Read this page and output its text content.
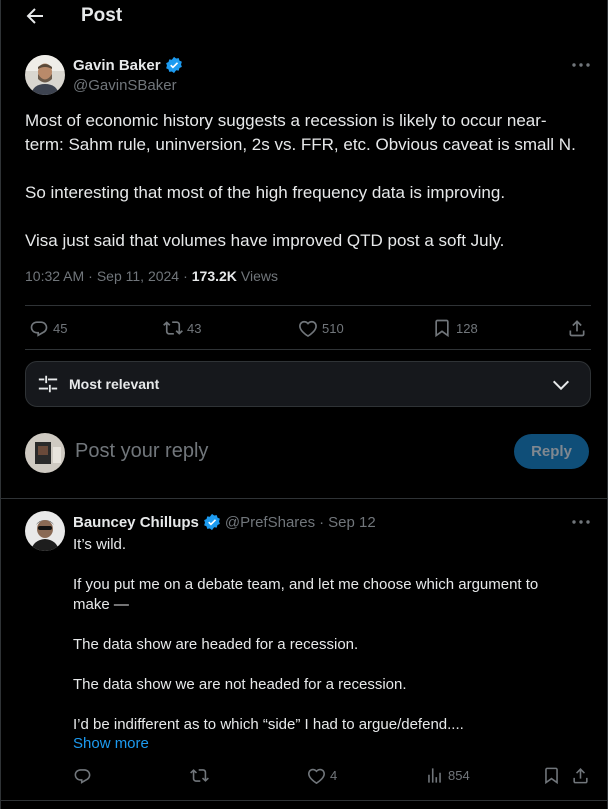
Post
Gavin Baker
@GavinSBaker

Most of economic history suggests a recession is likely to occur near-term: Sahm rule, uninversion, 2s vs. FFR, etc. Obvious caveat is small N.

So interesting that most of the high frequency data is improving.

Visa just said that volumes have improved QTD post a soft July.

10:32 AM · Sep 11, 2024 · 173.2K Views
45	43	510	128
Most relevant
Post your reply	Reply
Bauncey Chillups @PrefShares · Sep 12

It’s wild.

If you put me on a debate team, and let me choose which argument to make —

The data show are headed for a recession.

The data show we are not headed for a recession.

I’d be indifferent as to which “side” I had to argue/defend....

Show more
4	854
